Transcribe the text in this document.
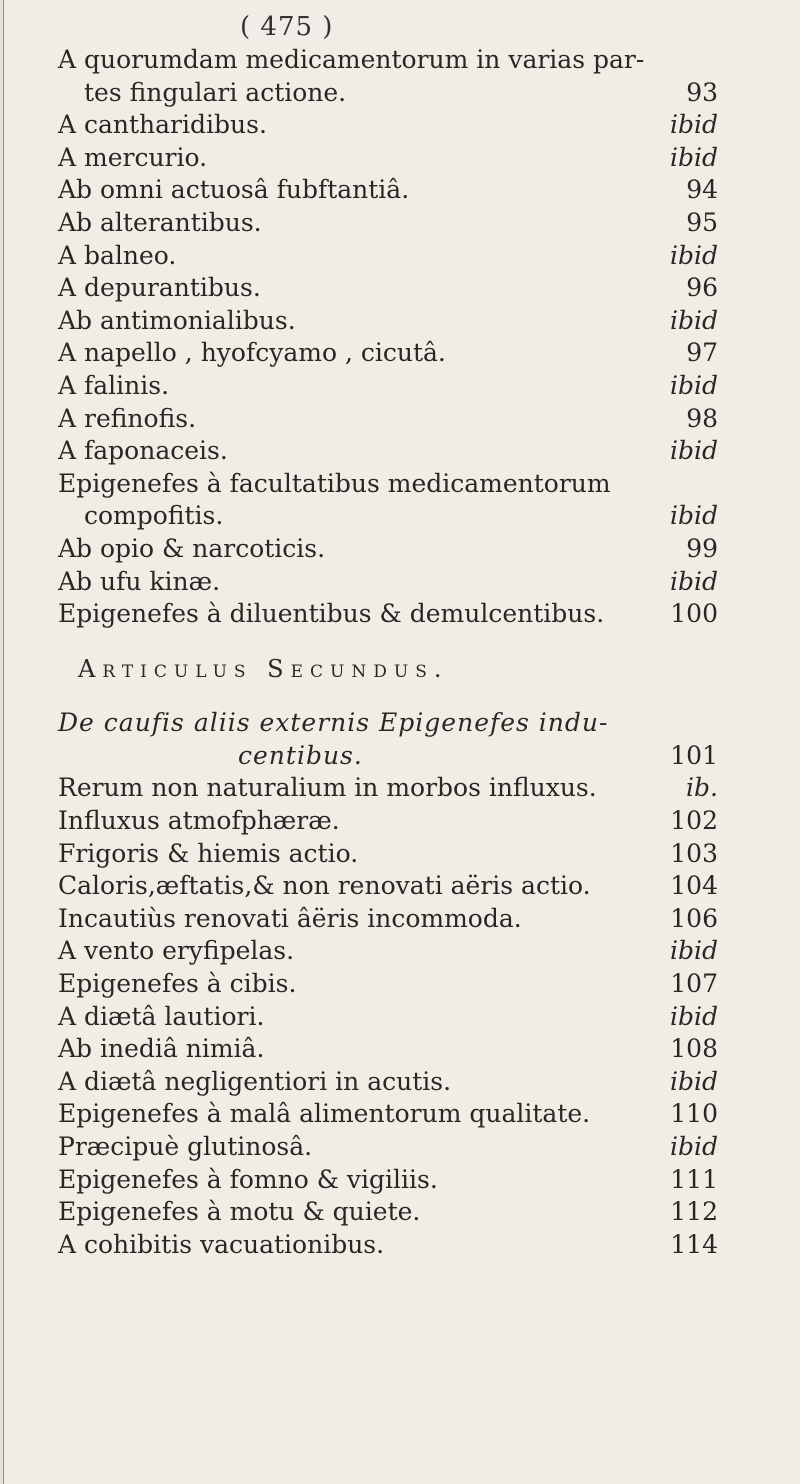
( 475 )
A quorumdam medicamentorum in varias par-
tes fingulari actione.	93
A cantharidibus.	ibid
A mercurio.	ibid
Ab omni actuosâ fubftantiâ.	94
Ab alterantibus.	95
A balneo.	ibid
A depurantibus.	96
Ab antimonialibus.	ibid
A napello , hyofcyamo , cicutâ.	97
A falinis.	ibid
A refinofis.	98
A faponaceis.	ibid
Epigenefes à facultatibus medicamentorum
compofitis.	ibid
Ab opio & narcoticis.	99
Ab ufu kinæ.	ibid
Epigenefes à diluentibus & demulcentibus.	100
Articulus Secundus.
De caufis aliis externis Epigenefes indu-
centibus.	101
Rerum non naturalium in morbos influxus.	ib.
Influxus atmofphæræ.	102
Frigoris & hiemis actio.	103
Caloris,æftatis,& non renovati aëris actio.	104
Incautiùs renovati âëris incommoda.	106
A vento eryfipelas.	ibid
Epigenefes à cibis.	107
A diætâ lautiori.	ibid
Ab inediâ nimiâ.	108
A diætâ negligentiori in acutis.	ibid
Epigenefes à malâ alimentorum qualitate.	110
Præcipuè glutinosâ.	ibid
Epigenefes à fomno & vigiliis.	111
Epigenefes à motu & quiete.	112
A cohibitis vacuationibus.	114
